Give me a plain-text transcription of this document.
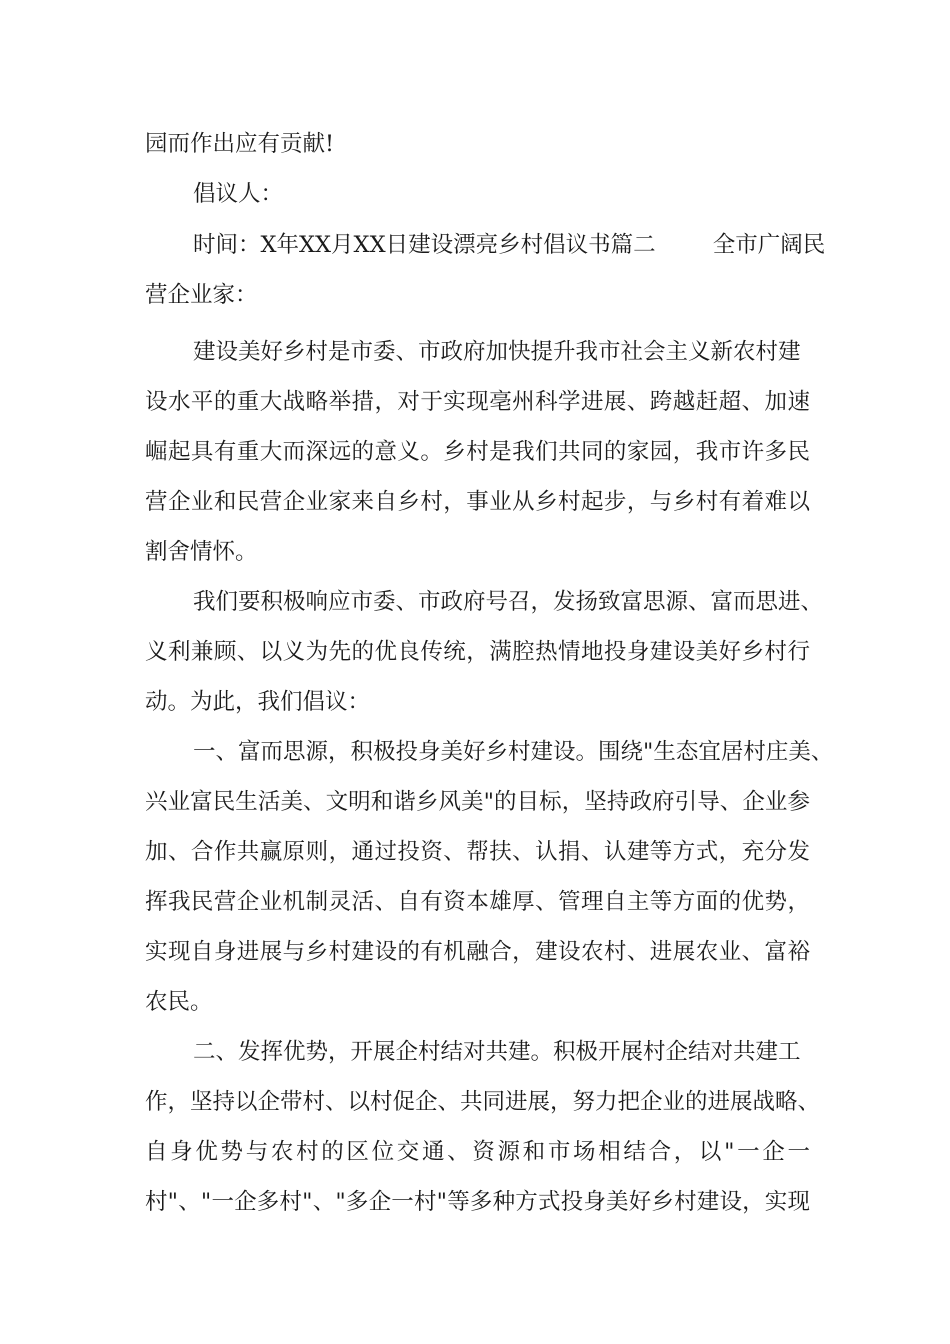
园而作出应有贡献!
倡议人：
时间：X年XX月XX日建设漂亮乡村倡议书篇二        全市广阔民
营企业家：
建设美好乡村是市委、市政府加快提升我市社会主义新农村建
设水平的重大战略举措，对于实现亳州科学进展、跨越赶超、加速
崛起具有重大而深远的意义。乡村是我们共同的家园，我市许多民
营企业和民营企业家来自乡村，事业从乡村起步，与乡村有着难以
割舍情怀。
我们要积极响应市委、市政府号召，发扬致富思源、富而思进、
义利兼顾、以义为先的优良传统，满腔热情地投身建设美好乡村行
动。为此，我们倡议：
一、富而思源，积极投身美好乡村建设。围绕"生态宜居村庄美、
兴业富民生活美、文明和谐乡风美"的目标，坚持政府引导、企业参
加、合作共赢原则，通过投资、帮扶、认捐、认建等方式，充分发
挥我民营企业机制灵活、自有资本雄厚、管理自主等方面的优势，
实现自身进展与乡村建设的有机融合，建设农村、进展农业、富裕
农民。
二、发挥优势，开展企村结对共建。积极开展村企结对共建工
作，坚持以企带村、以村促企、共同进展，努力把企业的进展战略、
自身优势与农村的区位交通、资源和市场相结合，以"一企一
村"、"一企多村"、"多企一村"等多种方式投身美好乡村建设，实现
